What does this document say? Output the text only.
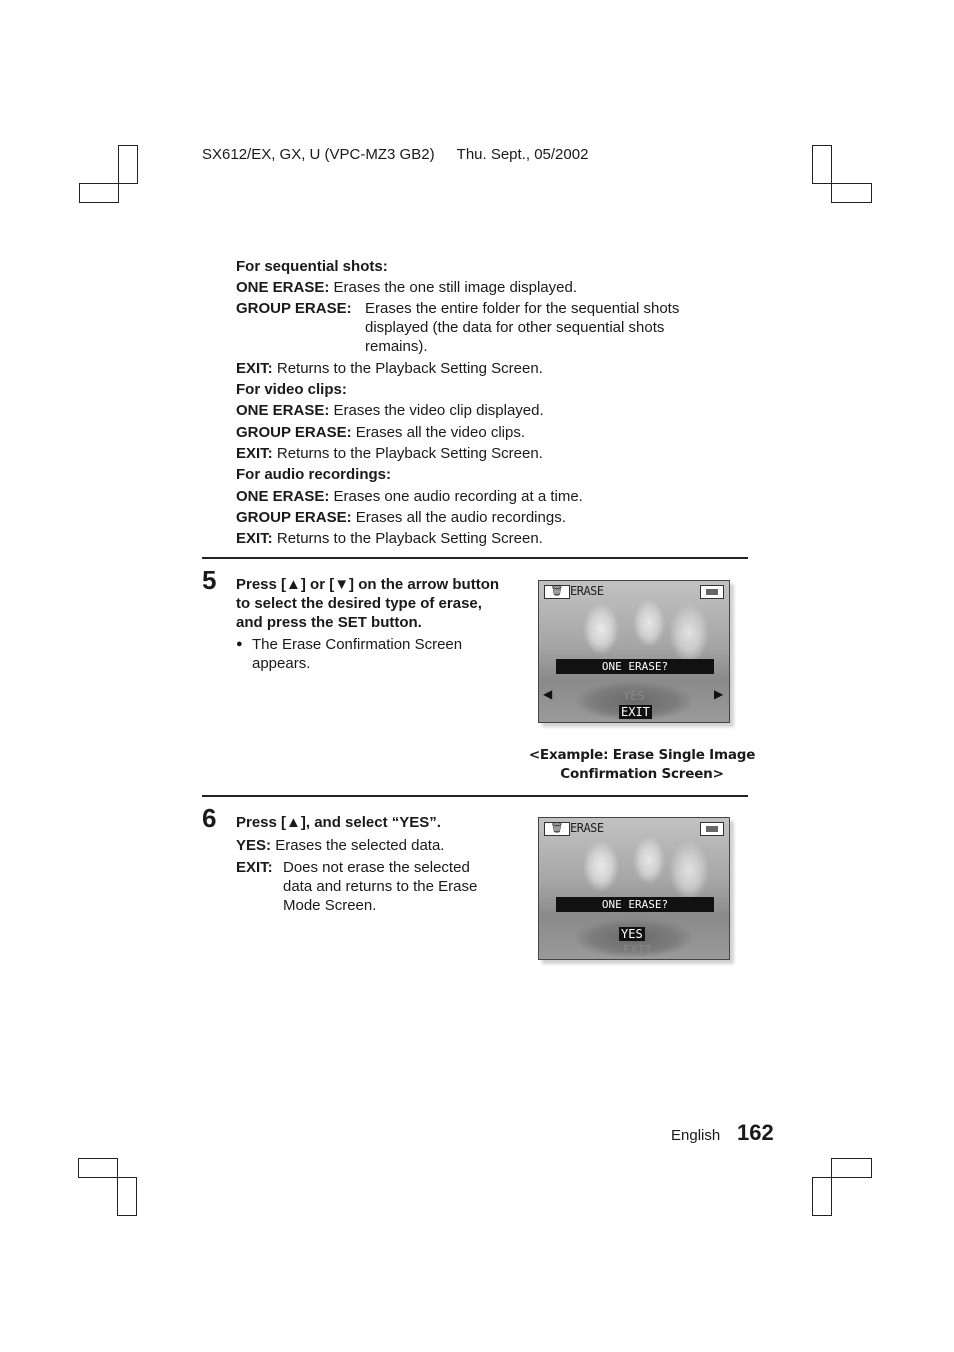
SX612/EX, GX, U (VPC-MZ3 GB2) Thu. Sept., 05/2002
For sequential shots:
ONE ERASE: Erases the one still image displayed.
GROUP ERASE: Erases the entire folder for the sequential shots
displayed (the data for other sequential shots
remains).
EXIT: Returns to the Playback Setting Screen.
For video clips:
ONE ERASE: Erases the video clip displayed.
GROUP ERASE: Erases all the video clips.
EXIT: Returns to the Playback Setting Screen.
For audio recordings:
ONE ERASE: Erases one audio recording at a time.
GROUP ERASE: Erases all the audio recordings.
EXIT: Returns to the Playback Setting Screen.
5 Press [▲] or [▼] on the arrow button
to select the desired type of erase,
and press the SET button.
● The Erase Confirmation Screen
appears.
🗑 ERASE
ONE ERASE?
◀	▶
YES
EXIT
<Example: Erase Single Image
Confirmation Screen>
6 Press [▲], and select “YES”.
YES: Erases the selected data.
EXIT: Does not erase the selected
data and returns to the Erase
Mode Screen.
🗑 ERASE
ONE ERASE?
YES
EXIT
English 162
